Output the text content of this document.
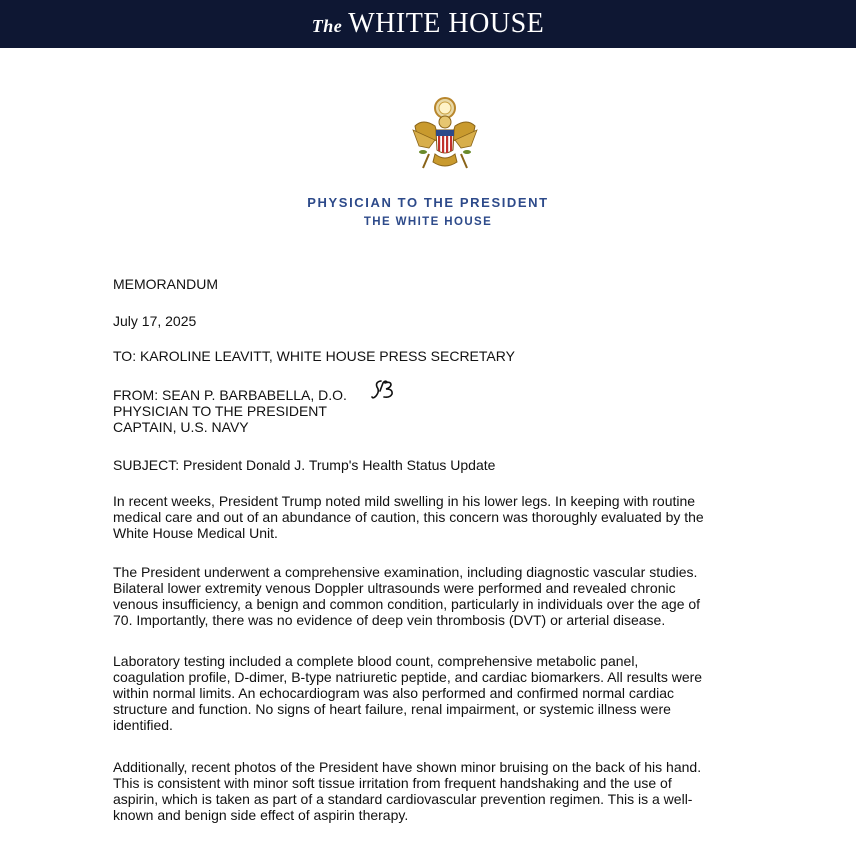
The WHITE HOUSE
PHYSICIAN TO THE PRESIDENT
THE WHITE HOUSE

MEMORANDUM

July 17, 2025

TO: KAROLINE LEAVITT, WHITE HOUSE PRESS SECRETARY

FROM: SEAN P. BARBABELLA, D.O.

PHYSICIAN TO THE PRESIDENT

CAPTAIN, U.S. NAVY

SUBJECT: President Donald J. Trump's Health Status Update

In recent weeks, President Trump noted mild swelling in his lower legs. In keeping with routine

medical care and out of an abundance of caution, this concern was thoroughly evaluated by the

White House Medical Unit.

The President underwent a comprehensive examination, including diagnostic vascular studies.

Bilateral lower extremity venous Doppler ultrasounds were performed and revealed chronic

venous insufficiency, a benign and common condition, particularly in individuals over the age of

70. Importantly, there was no evidence of deep vein thrombosis (DVT) or arterial disease.

Laboratory testing included a complete blood count, comprehensive metabolic panel,

coagulation profile, D-dimer, B-type natriuretic peptide, and cardiac biomarkers. All results were

within normal limits. An echocardiogram was also performed and confirmed normal cardiac

structure and function. No signs of heart failure, renal impairment, or systemic illness were

identified.

Additionally, recent photos of the President have shown minor bruising on the back of his hand.

This is consistent with minor soft tissue irritation from frequent handshaking and the use of

aspirin, which is taken as part of a standard cardiovascular prevention regimen. This is a well-

known and benign side effect of aspirin therapy.
